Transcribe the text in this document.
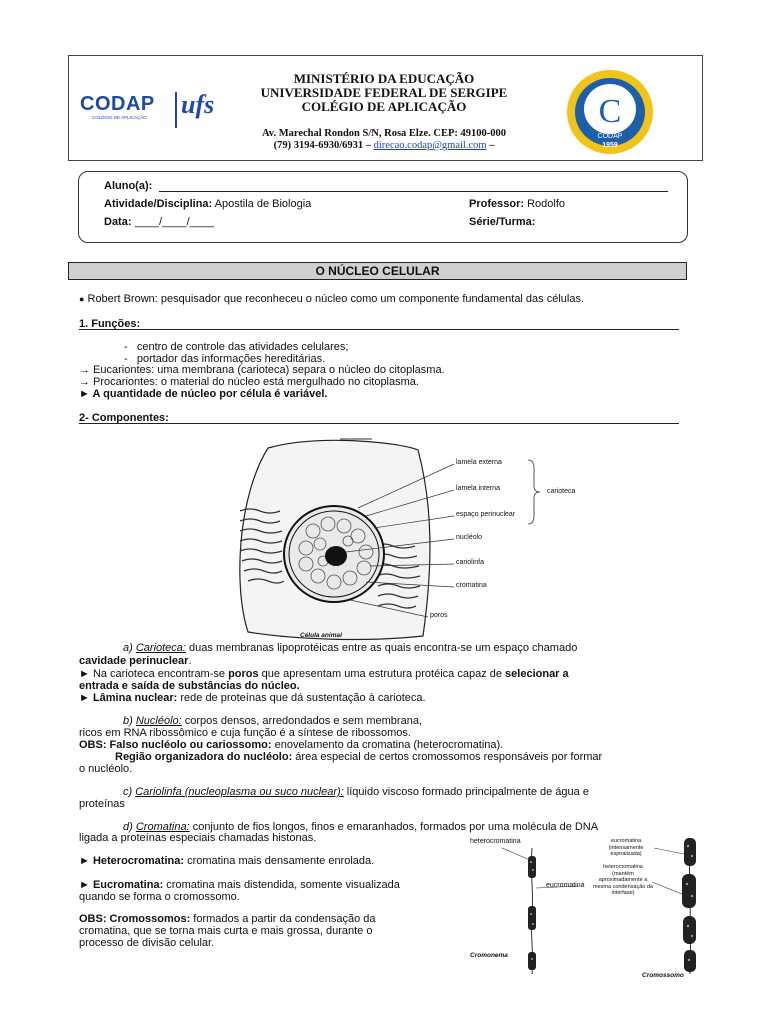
CODAP
COLÉGIO DE APLICAÇÃO	ufs
MINISTÉRIO DA EDUCAÇÃO
UNIVERSIDADE FEDERAL DE SERGIPE
COLÉGIO DE APLICAÇÃO
Av. Marechal Rondon S/N, Rosa Elze. CEP: 49100-000
(79) 3194-6930/6931 – direcao.codap@gmail.com –
C
CODAP
1959
Aluno(a):
Atividade/Disciplina: Apostila de Biologia	Professor: Rodolfo
Data: ____/____/____	Série/Turma:
O NÚCLEO CELULAR
● Robert Brown: pesquisador que reconheceu o núcleo como um componente fundamental das células.
1. Funções:
-   centro de controle das atividades celulares;
-   portador das informações hereditárias.
→ Eucariontes: uma membrana (carioteca) separa o núcleo do citoplasma.
→ Procariontes: o material do núcleo está mergulhado no citoplasma.
► A quantidade de núcleo por célula é variável.
2- Componentes:
lamela externa
lamela interna
espaço perinuclear
nucléolo
cariolinfa
cromatina
poros
carioteca
Célula animal
a) Carioteca: duas membranas lipoprotéicas entre as quais encontra-se um espaço chamado
cavidade perinuclear.
► Na carioteca encontram-se poros que apresentam uma estrutura protéica capaz de selecionar a
entrada e saída de substâncias do núcleo.
► Lâmina nuclear: rede de proteínas que dá sustentação à carioteca.
b) Nucléolo: corpos densos, arredondados e sem membrana,
ricos em RNA ribossômico e cuja função é a síntese de ribossomos.
OBS: Falso nucléolo ou cariossomo: enovelamento da cromatina (heterocromatina).
Região organizadora do nucléolo: área especial de certos cromossomos responsáveis por formar
o nucléolo.
c) Cariolinfa (nucleoplasma ou suco nuclear): líquido viscoso formado principalmente de água e
proteínas
d) Cromatina: conjunto de fios longos, finos e emaranhados, formados por uma molécula de DNA
ligada a proteínas especiais chamadas histonas.
► Heterocromatina: cromatina mais densamente enrolada.
► Eucromatina: cromatina mais distendida, somente visualizada
quando se forma o cromossomo.
OBS: Cromossomos: formados a partir da condensação da
cromatina, que se torna mais curta e mais grossa, durante o
processo de divisão celular.
heterocromatina
eucromatina
Cromonema
eucromatina (intensamente espiralizada)
heterocromatina (mantém aproximadamente a mesma condensação da intérfase)
Cromossomo
